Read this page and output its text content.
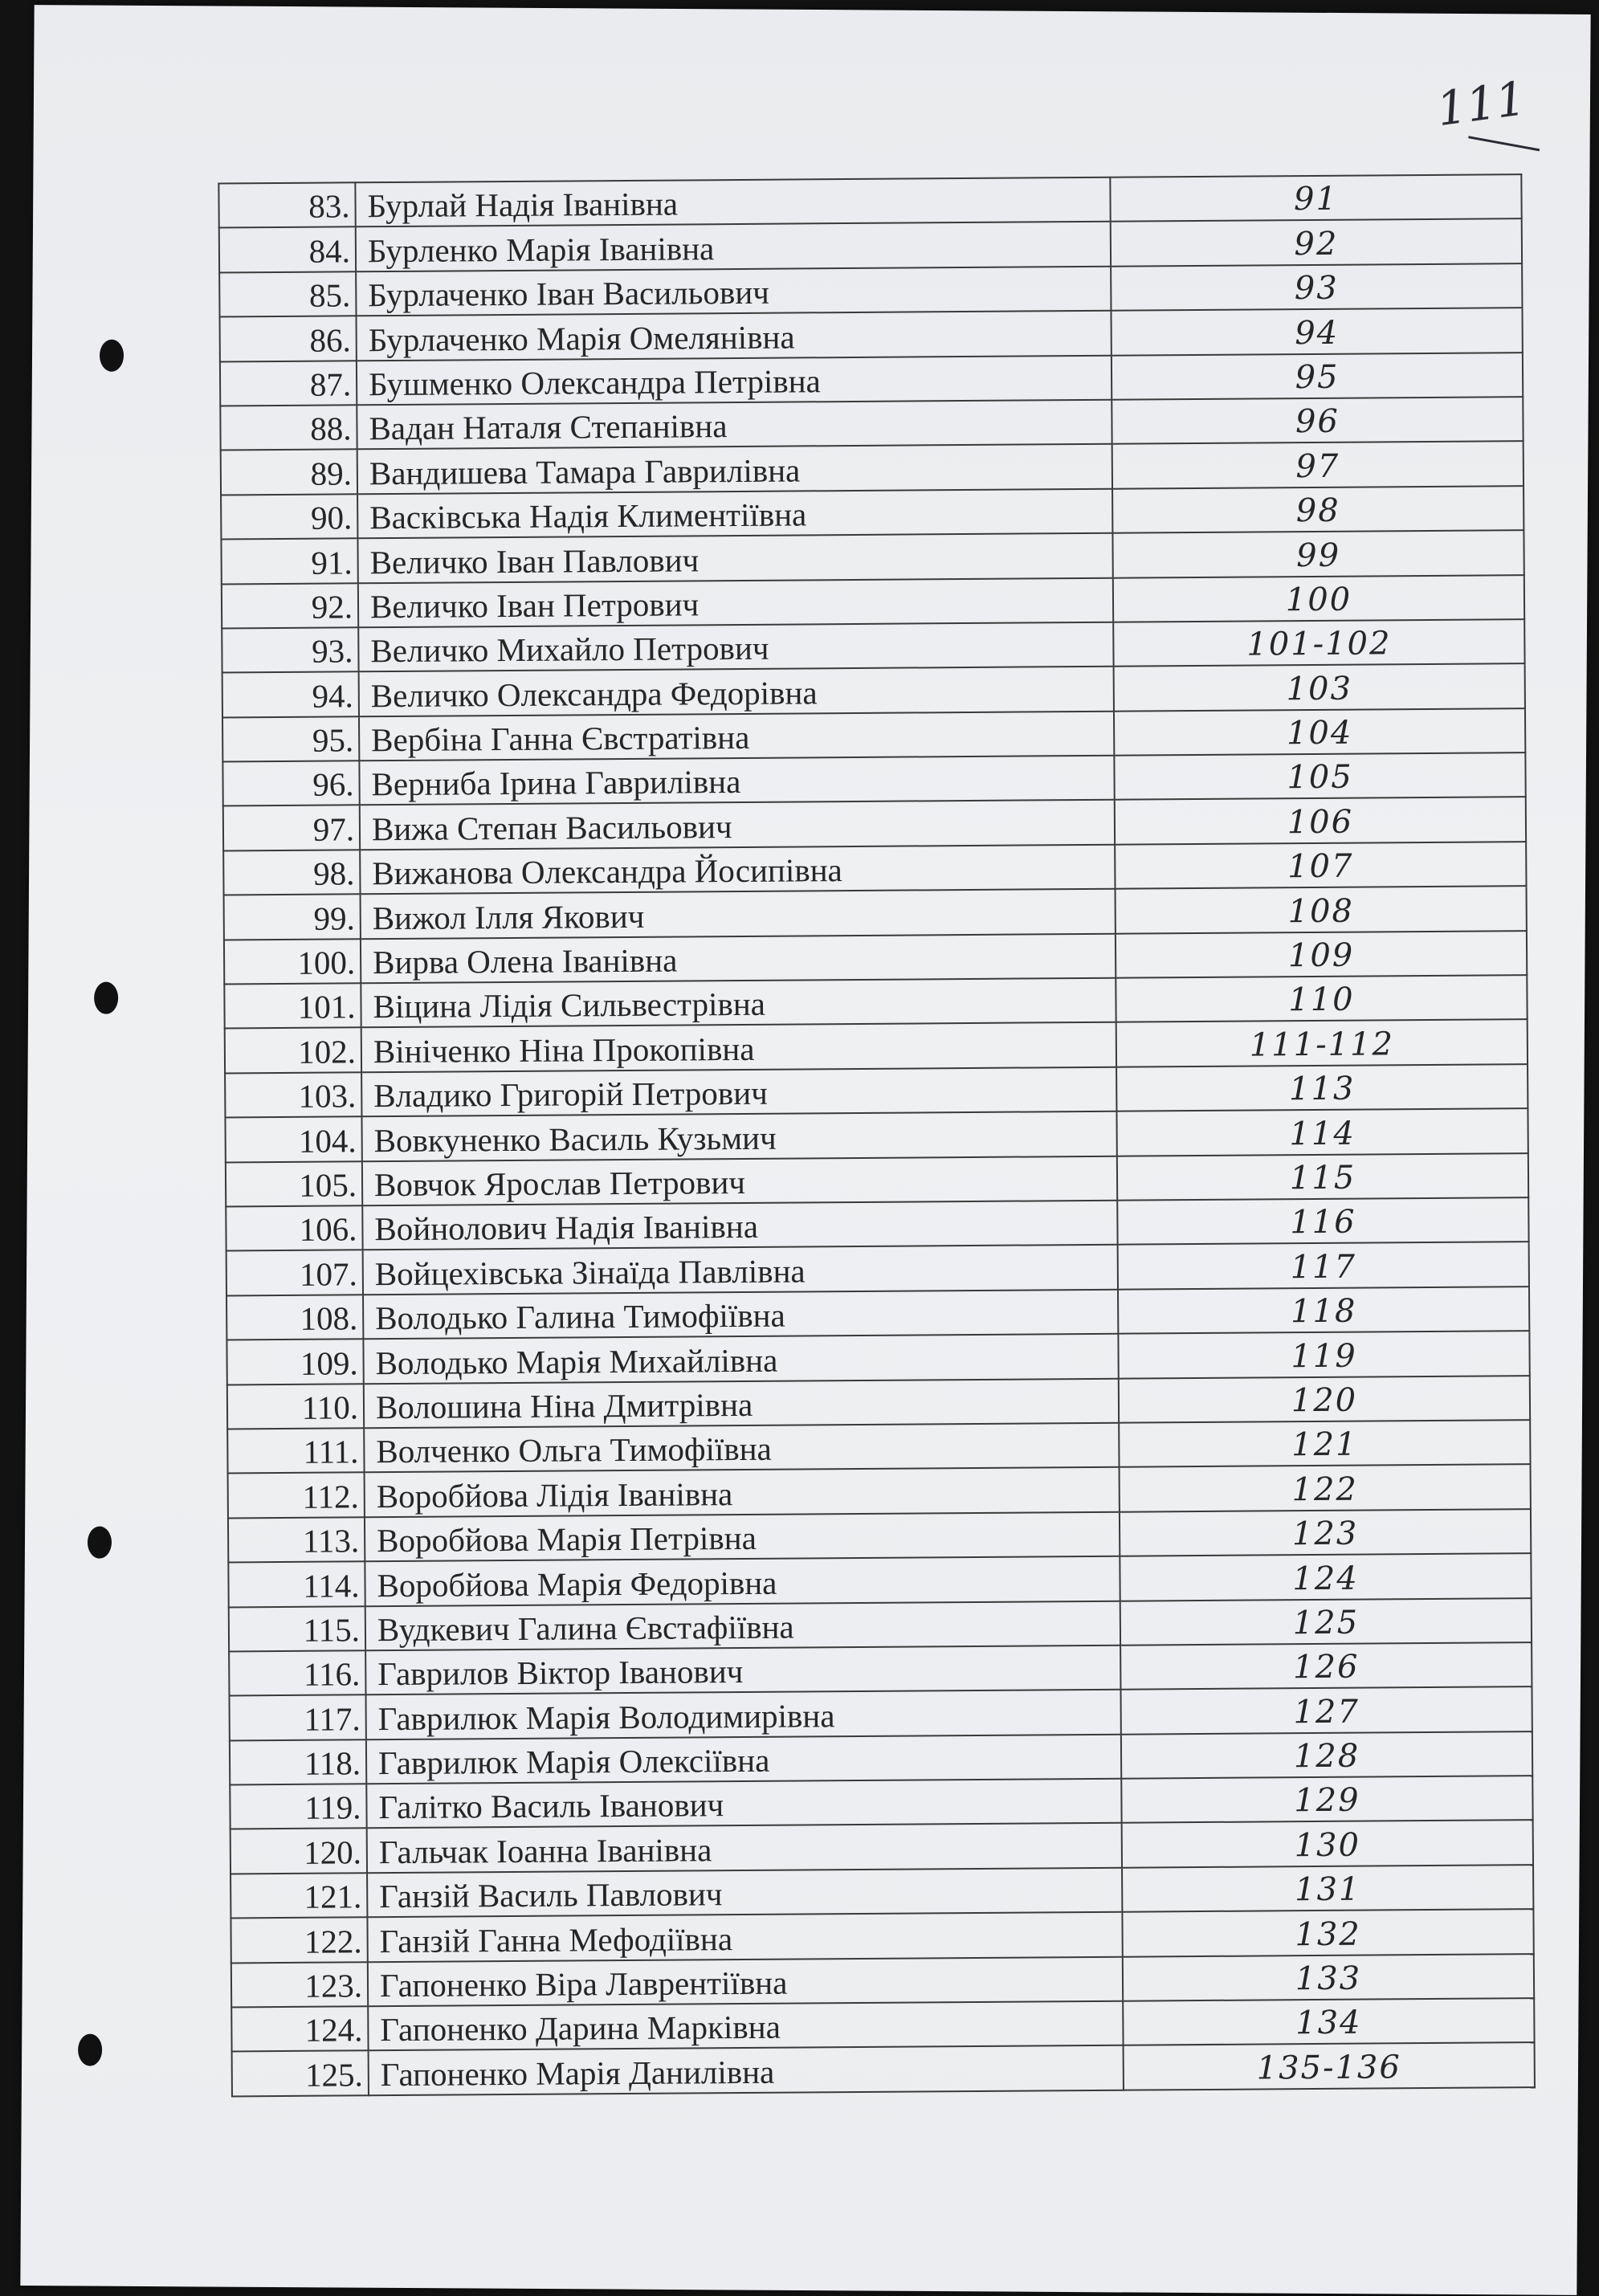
111
83.	Бурлай Надія Іванівна	91
84.	Бурленко Марія Іванівна	92
85.	Бурлаченко Іван Васильович	93
86.	Бурлаченко Марія Омелянівна	94
87.	Бушменко Олександра Петрівна	95
88.	Вадан Наталя Степанівна	96
89.	Вандишева Тамара Гаврилівна	97
90.	Васківська Надія Климентіївна	98
91.	Величко Іван Павлович	99
92.	Величко Іван Петрович	100
93.	Величко Михайло Петрович	101-102
94.	Величко Олександра Федорівна	103
95.	Вербіна Ганна Євстратівна	104
96.	Верниба Ірина Гаврилівна	105
97.	Вижа Степан Васильович	106
98.	Вижанова Олександра Йосипівна	107
99.	Вижол Ілля Якович	108
100.	Вирва Олена Іванівна	109
101.	Віцина Лідія Сильвестрівна	110
102.	Вініченко Ніна Прокопівна	111-112
103.	Владико Григорій Петрович	113
104.	Вовкуненко Василь Кузьмич	114
105.	Вовчок Ярослав Петрович	115
106.	Войнолович Надія Іванівна	116
107.	Войцехівська Зінаїда Павлівна	117
108.	Володько Галина Тимофіївна	118
109.	Володько Марія Михайлівна	119
110.	Волошина Ніна Дмитрівна	120
111.	Волченко Ольга Тимофіївна	121
112.	Воробйова Лідія Іванівна	122
113.	Воробйова Марія Петрівна	123
114.	Воробйова Марія Федорівна	124
115.	Вудкевич Галина Євстафіївна	125
116.	Гаврилов Віктор Іванович	126
117.	Гаврилюк Марія Володимирівна	127
118.	Гаврилюк Марія Олексіївна	128
119.	Галітко Василь Іванович	129
120.	Гальчак Іоанна Іванівна	130
121.	Ганзій Василь Павлович	131
122.	Ганзій Ганна Мефодіївна	132
123.	Гапоненко Віра Лаврентіївна	133
124.	Гапоненко Дарина Марківна	134
125.	Гапоненко Марія Данилівна	135-136
